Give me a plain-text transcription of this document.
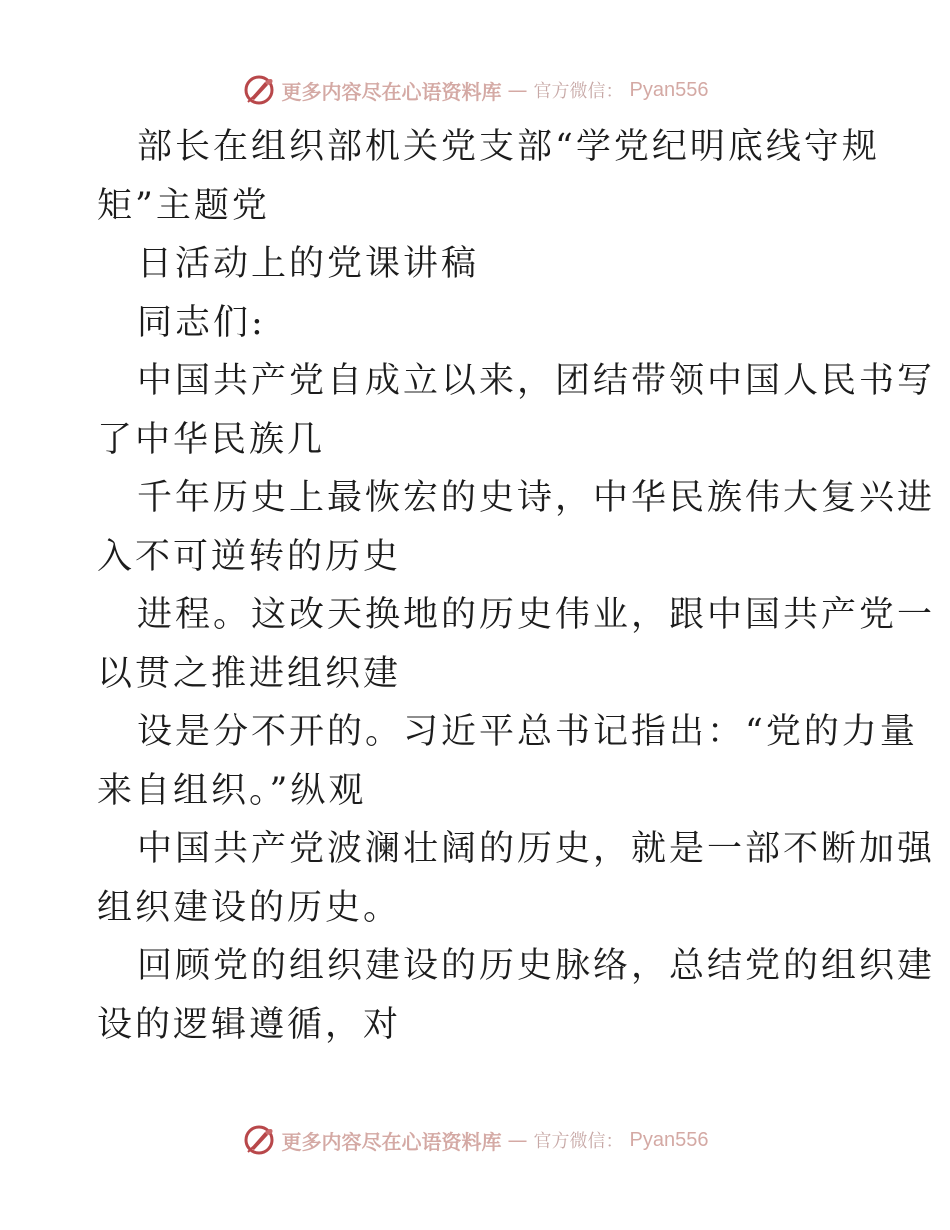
更多内容尽在心语资料库 — 官方微信： Pyan556
部长在组织部机关党支部“学党纪明底线守规
矩”主题党
日活动上的党课讲稿
同志们:
中国共产党自成立以来，团结带领中国人民书写
了中华民族几
千年历史上最恢宏的史诗，中华民族伟大复兴进
入不可逆转的历史
进程。这改天换地的历史伟业，跟中国共产党一
以贯之推进组织建
设是分不开的。习近平总书记指出：“党的力量
来自组织。”纵观
中国共产党波澜壮阔的历史，就是一部不断加强
组织建设的历史。
回顾党的组织建设的历史脉络，总结党的组织建
设的逻辑遵循，对
更多内容尽在心语资料库 — 官方微信： Pyan556
